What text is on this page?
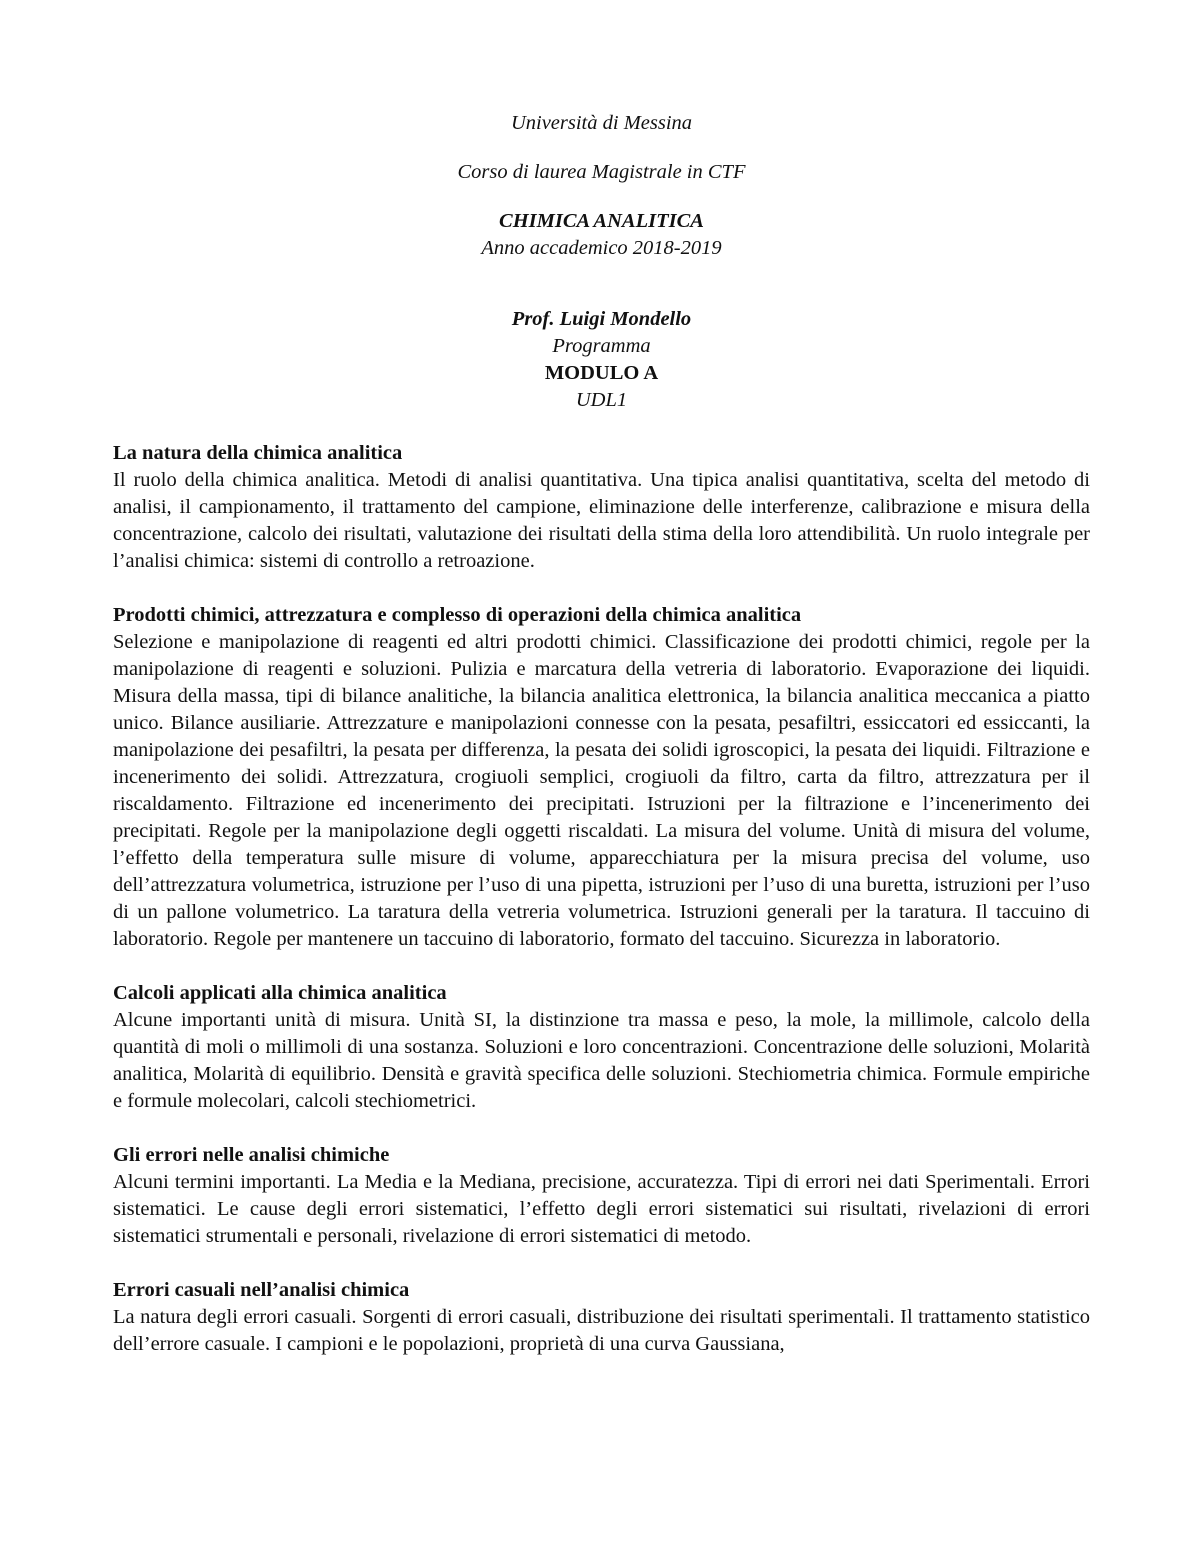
Università di Messina
Corso di laurea Magistrale in CTF
CHIMICA ANALITICA
Anno accademico 2018-2019
Prof. Luigi Mondello
Programma
MODULO A
UDL1
La natura della chimica analitica
Il ruolo della chimica analitica. Metodi di analisi quantitativa. Una tipica analisi quantitativa, scelta del metodo di analisi, il campionamento, il trattamento del campione, eliminazione delle interferenze, calibrazione e misura della concentrazione, calcolo dei risultati, valutazione dei risultati della stima della loro attendibilità. Un ruolo integrale per l’analisi chimica: sistemi di controllo a retroazione.
Prodotti chimici, attrezzatura e complesso di operazioni della chimica analitica
Selezione e manipolazione di reagenti ed altri prodotti chimici. Classificazione dei prodotti chimici, regole per la manipolazione di reagenti e soluzioni. Pulizia e marcatura della vetreria di laboratorio. Evaporazione dei liquidi. Misura della massa, tipi di bilance analitiche, la bilancia analitica elettronica, la bilancia analitica meccanica a piatto unico. Bilance ausiliarie. Attrezzature e manipolazioni connesse con la pesata, pesafiltri, essiccatori ed essiccanti, la manipolazione dei pesafiltri, la pesata per differenza, la pesata dei solidi igroscopici, la pesata dei liquidi. Filtrazione e incenerimento dei solidi. Attrezzatura, crogiuoli semplici, crogiuoli da filtro, carta da filtro, attrezzatura per il riscaldamento. Filtrazione ed incenerimento dei precipitati. Istruzioni per la filtrazione e l’incenerimento dei precipitati. Regole per la manipolazione degli oggetti riscaldati. La misura del volume. Unità di misura del volume, l’effetto della temperatura sulle misure di volume, apparecchiatura per la misura precisa del volume, uso dell’attrezzatura volumetrica, istruzione per l’uso di una pipetta, istruzioni per l’uso di una buretta, istruzioni per l’uso di un pallone volumetrico. La taratura della vetreria volumetrica. Istruzioni generali per la taratura. Il taccuino di laboratorio. Regole per mantenere un taccuino di laboratorio, formato del taccuino. Sicurezza in laboratorio.
Calcoli applicati alla chimica analitica
Alcune importanti unità di misura. Unità SI, la distinzione tra massa e peso, la mole, la millimole, calcolo della quantità di moli o millimoli di una sostanza. Soluzioni e loro concentrazioni. Concentrazione delle soluzioni, Molarità analitica, Molarità di equilibrio. Densità e gravità specifica delle soluzioni. Stechiometria chimica. Formule empiriche e formule molecolari, calcoli stechiometrici.
Gli errori nelle analisi chimiche
Alcuni termini importanti. La Media e la Mediana, precisione, accuratezza. Tipi di errori nei dati Sperimentali. Errori sistematici. Le cause degli errori sistematici, l’effetto degli errori sistematici sui risultati, rivelazioni di errori sistematici strumentali e personali, rivelazione di errori sistematici di metodo.
Errori casuali nell’analisi chimica
La natura degli errori casuali. Sorgenti di errori casuali, distribuzione dei risultati sperimentali. Il trattamento statistico dell’errore casuale. I campioni e le popolazioni, proprietà di una curva Gaussiana,
